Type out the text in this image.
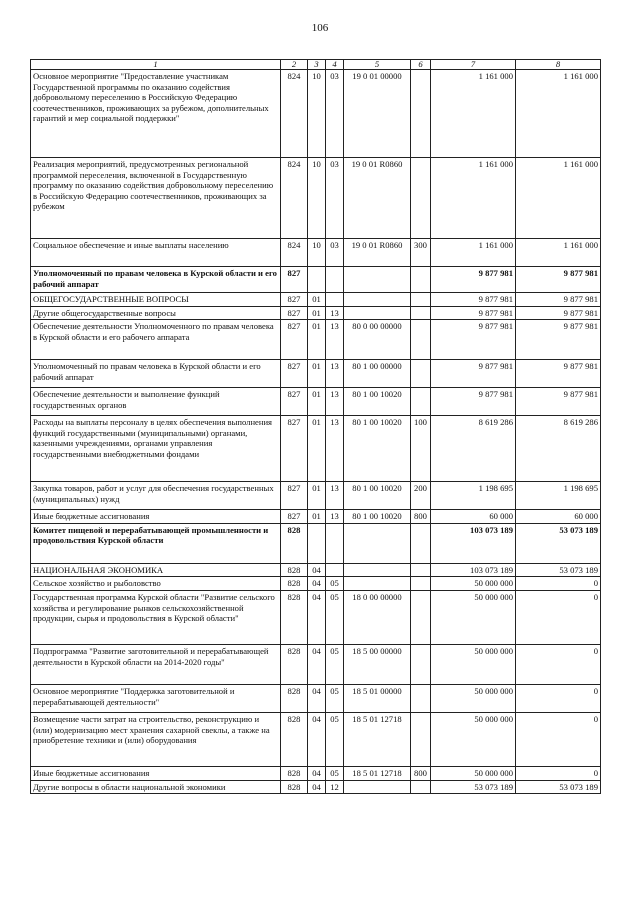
106
1	2	3	4	5	6	7	8
Основное мероприятие "Предоставление участникам Государственной программы по оказанию содействия добровольному переселению в Российскую Федерацию соотечественников, проживающих за рубежом, дополнительных гарантий и мер социальной поддержки"	824	10	03	19 0 01 00000		1 161 000	1 161 000
Реализация мероприятий, предусмотренных региональной программой переселения, включенной в Государственную программу по оказанию содействия добровольному переселению в Российскую Федерацию соотечественников, проживающих за рубежом	824	10	03	19 0 01 R0860		1 161 000	1 161 000
Социальное обеспечение и иные выплаты населению	824	10	03	19 0 01 R0860	300	1 161 000	1 161 000
Уполномоченный по правам человека в Курской области и его рабочий аппарат	827					9 877 981	9 877 981
ОБЩЕГОСУДАРСТВЕННЫЕ ВОПРОСЫ	827	01				9 877 981	9 877 981
Другие общегосударственные вопросы	827	01	13			9 877 981	9 877 981
Обеспечение деятельности Уполномоченного по правам человека в Курской области и его рабочего аппарата	827	01	13	80 0 00 00000		9 877 981	9 877 981
Уполномоченный по правам человека в Курской области и его рабочий аппарат	827	01	13	80 1 00 00000		9 877 981	9 877 981
Обеспечение деятельности и выполнение функций государственных органов	827	01	13	80 1 00 10020		9 877 981	9 877 981
Расходы на выплаты персоналу в целях обеспечения выполнения функций государственными (муниципальными) органами, казенными учреждениями, органами управления государственными внебюджетными фондами	827	01	13	80 1 00 10020	100	8 619 286	8 619 286
Закупка товаров, работ и услуг для обеспечения государственных (муниципальных) нужд	827	01	13	80 1 00 10020	200	1 198 695	1 198 695
Иные бюджетные ассигнования	827	01	13	80 1 00 10020	800	60 000	60 000
Комитет пищевой и перерабатывающей промышленности и продовольствия Курской области	828					103 073 189	53 073 189
НАЦИОНАЛЬНАЯ ЭКОНОМИКА	828	04				103 073 189	53 073 189
Сельское хозяйство и рыболовство	828	04	05			50 000 000	0
Государственная программа Курской области "Развитие сельского хозяйства и регулирование рынков сельскохозяйственной продукции, сырья и продовольствия в Курской области"	828	04	05	18 0 00 00000		50 000 000	0
Подпрограмма "Развитие заготовительной и перерабатывающей деятельности в Курской области на 2014-2020 годы"	828	04	05	18 5 00 00000		50 000 000	0
Основное мероприятие "Поддержка заготовительной и перерабатывающей деятельности"	828	04	05	18 5 01 00000		50 000 000	0
Возмещение части затрат на строительство, реконструкцию и (или) модернизацию мест хранения сахарной свеклы, а также на приобретение техники и (или) оборудования	828	04	05	18 5 01 12718		50 000 000	0
Иные бюджетные ассигнования	828	04	05	18 5 01 12718	800	50 000 000	0
Другие вопросы в области национальной экономики	828	04	12			53 073 189	53 073 189
